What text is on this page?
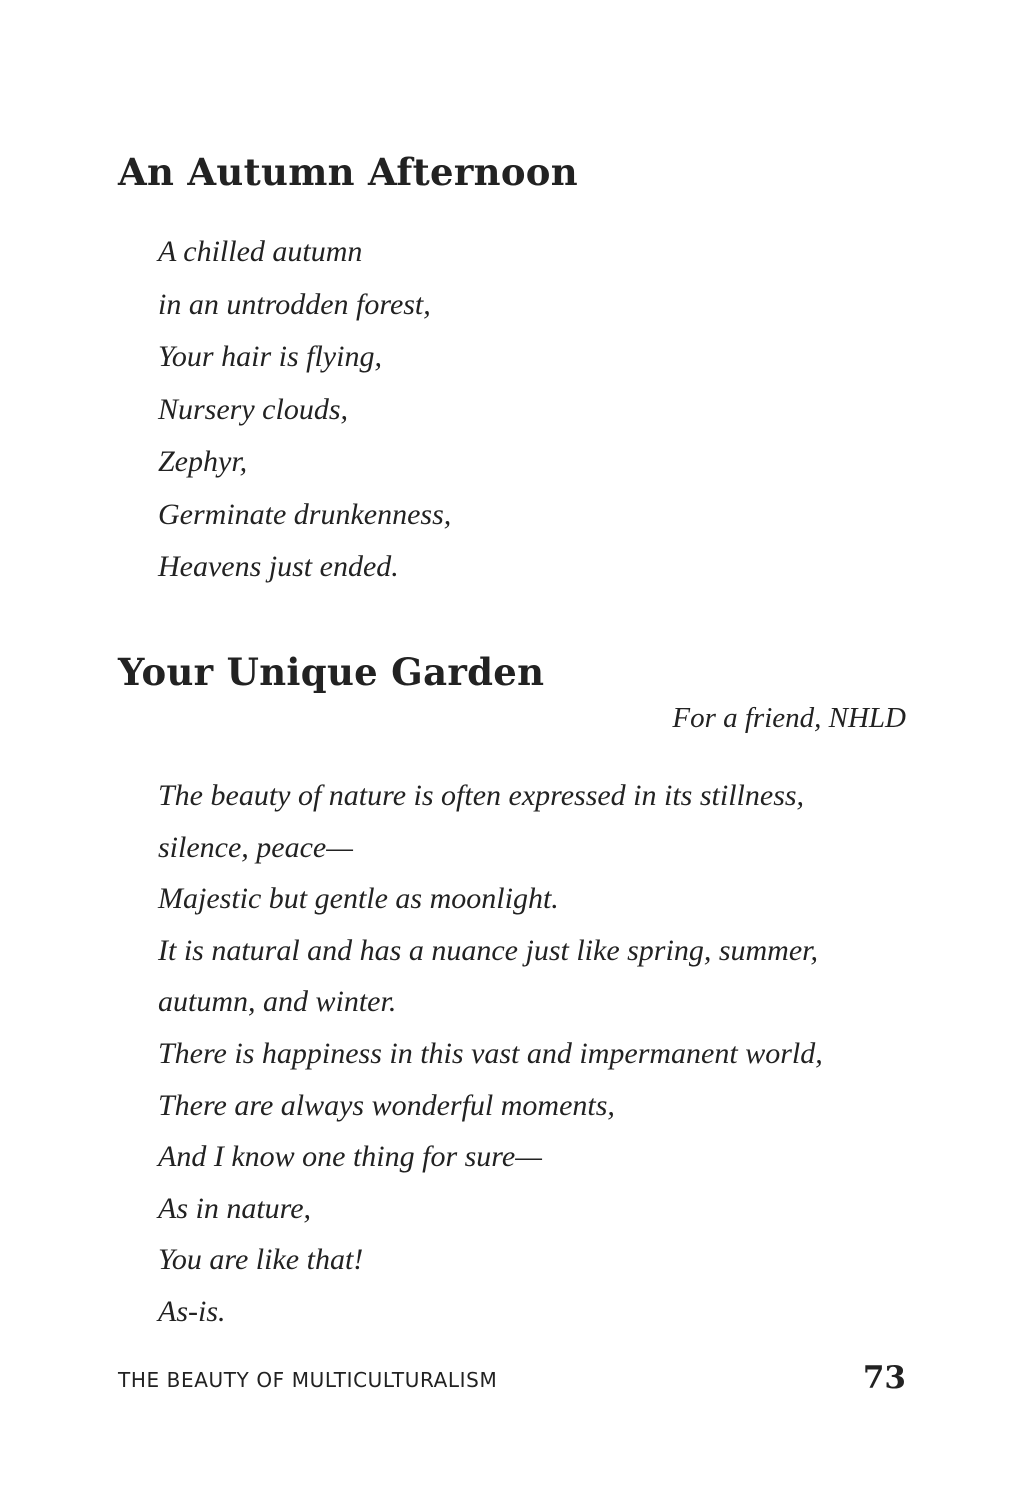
An Autumn Afternoon
A chilled autumn
in an untrodden forest,
Your hair is flying,
Nursery clouds,
Zephyr,
Germinate drunkenness,
Heavens just ended.
Your Unique Garden

For a friend, NHLD

The beauty of nature is often expressed in its stillness,
silence, peace—
Majestic but gentle as moonlight.
It is natural and has a nuance just like spring, summer,
autumn, and winter.
There is happiness in this vast and impermanent world,
There are always wonderful moments,
And I know one thing for sure—
As in nature,
You are like that!
As-is.

THE BEAUTY OF MULTICULTURALISM	73
